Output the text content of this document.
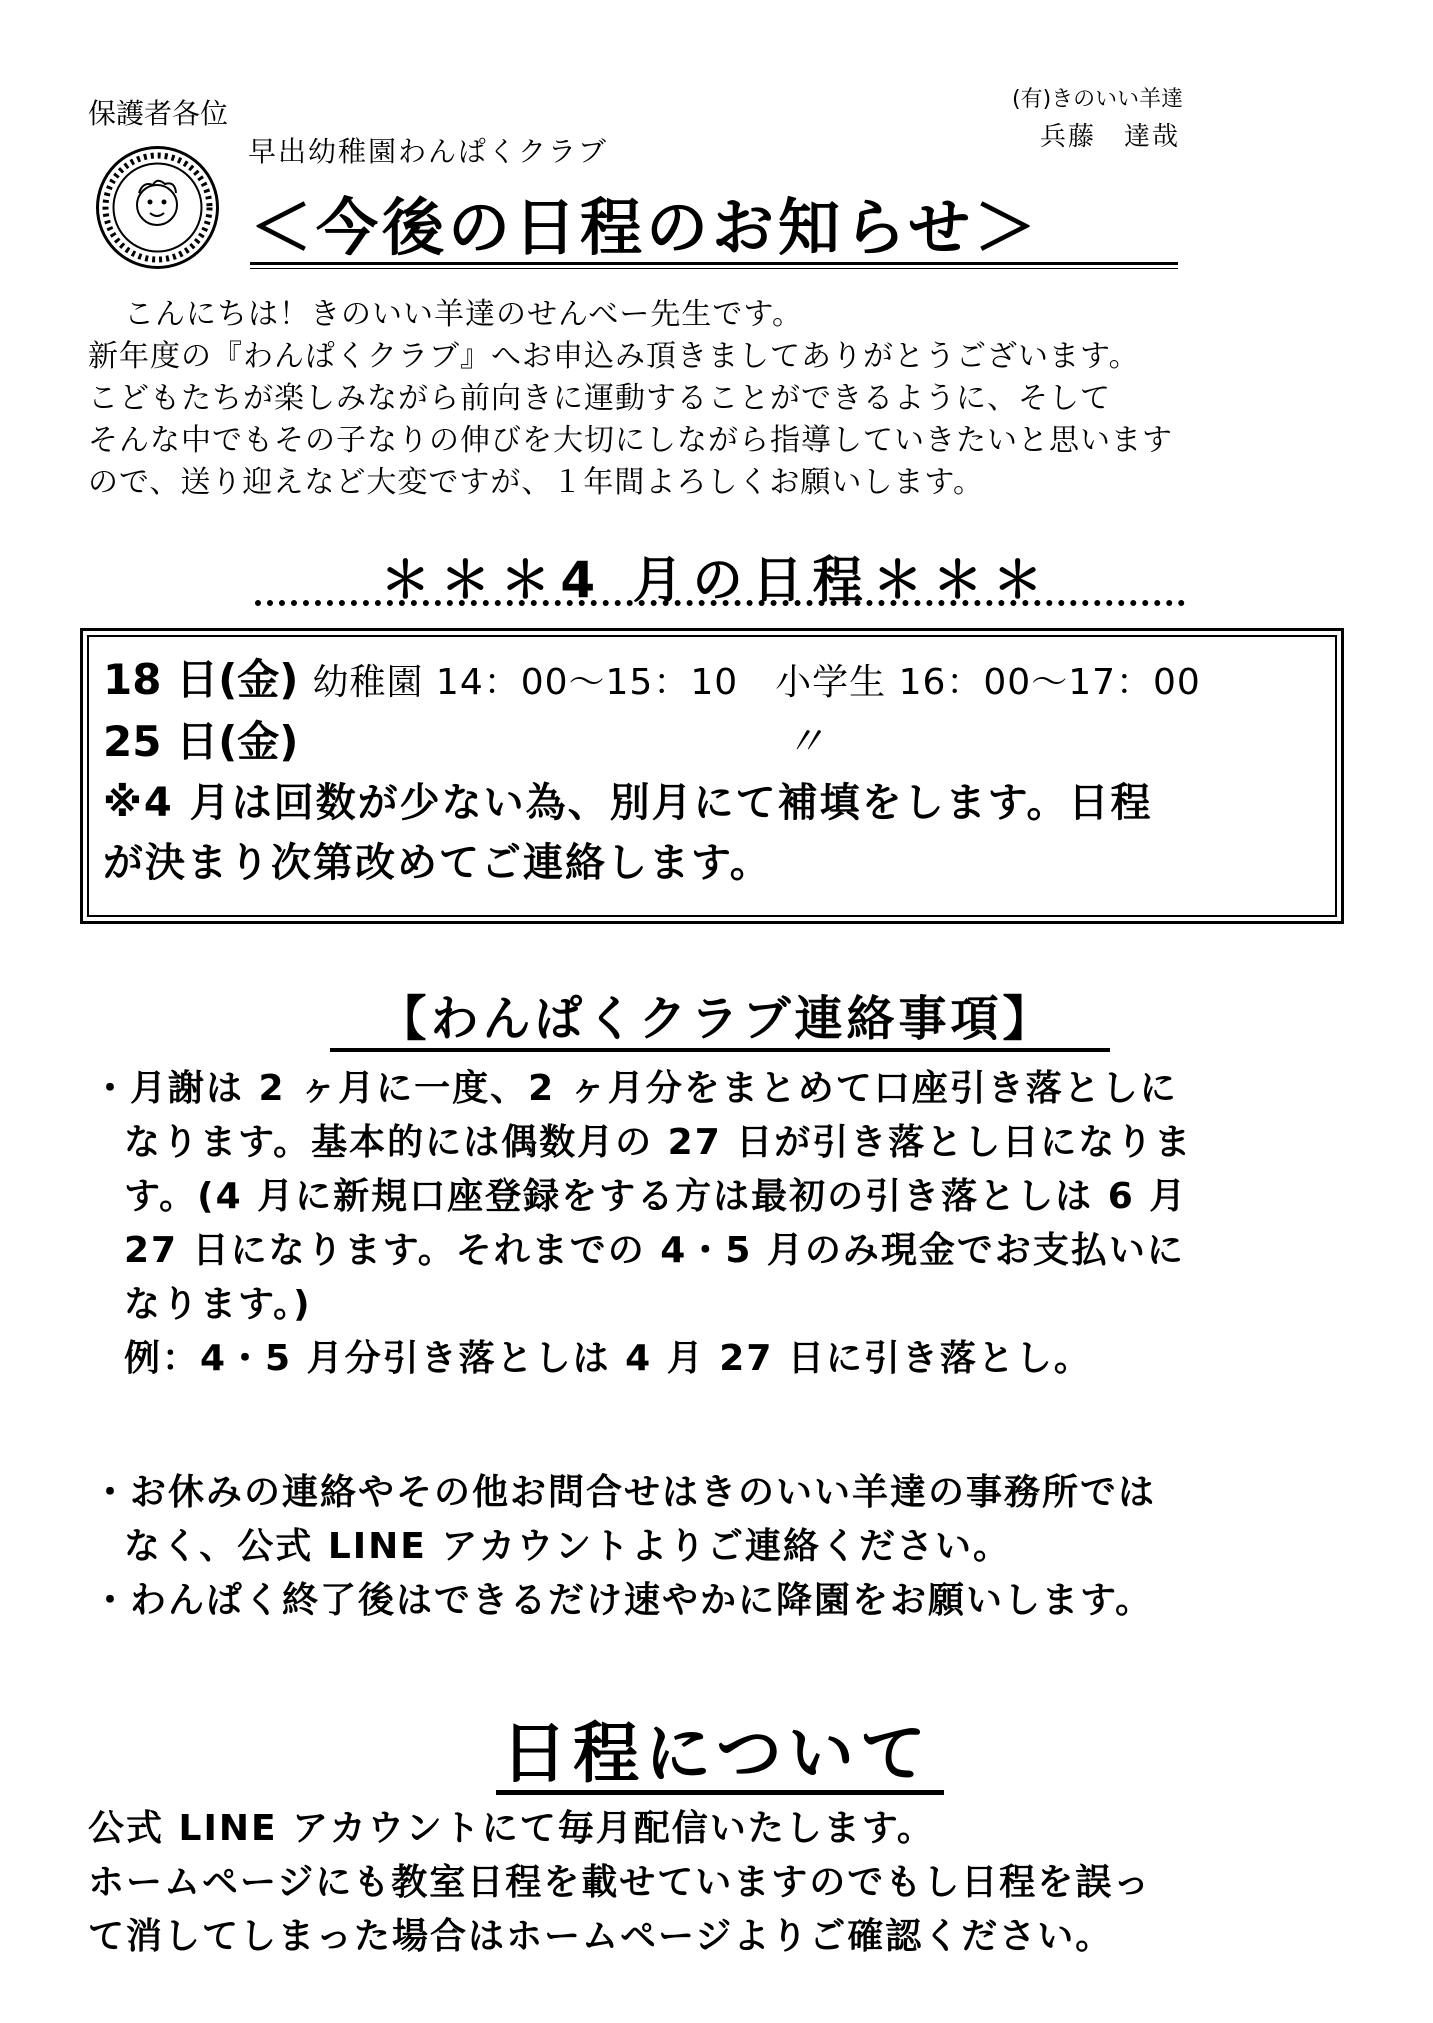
保護者各位	(有)きのいい羊達
兵藤　達哉
早出幼稚園わんぱくクラブ
＜今後の日程のお知らせ＞
こんにちは！きのいい羊達のせんべー先生です。
新年度の『わんぱくクラブ』へお申込み頂きましてありがとうございます。
こどもたちが楽しみながら前向きに運動することができるように、そして
そんな中でもその子なりの伸びを大切にしながら指導していきたいと思います
ので、送り迎えなど大変ですが、１年間よろしくお願いします。
＊＊＊4 月の日程＊＊＊
18 日(金) 幼稚園 14：00～15：10　小学生 16：00～17：00
25 日(金)	〃
※4 月は回数が少ない為、別月にて補填をします。日程
が決まり次第改めてご連絡します。
【わんぱくクラブ連絡事項】
・月謝は 2 ヶ月に一度、2 ヶ月分をまとめて口座引き落としに
なります。基本的には偶数月の 27 日が引き落とし日になりま
す。(4 月に新規口座登録をする方は最初の引き落としは 6 月
27 日になります。それまでの 4・5 月のみ現金でお支払いに
なります。)
例：4・5 月分引き落としは 4 月 27 日に引き落とし。
・お休みの連絡やその他お問合せはきのいい羊達の事務所では
なく、公式 LINE アカウントよりご連絡ください。
・わんぱく終了後はできるだけ速やかに降園をお願いします。
日程について
公式 LINE アカウントにて毎月配信いたします。
ホームページにも教室日程を載せていますのでもし日程を誤っ
て消してしまった場合はホームページよりご確認ください。
